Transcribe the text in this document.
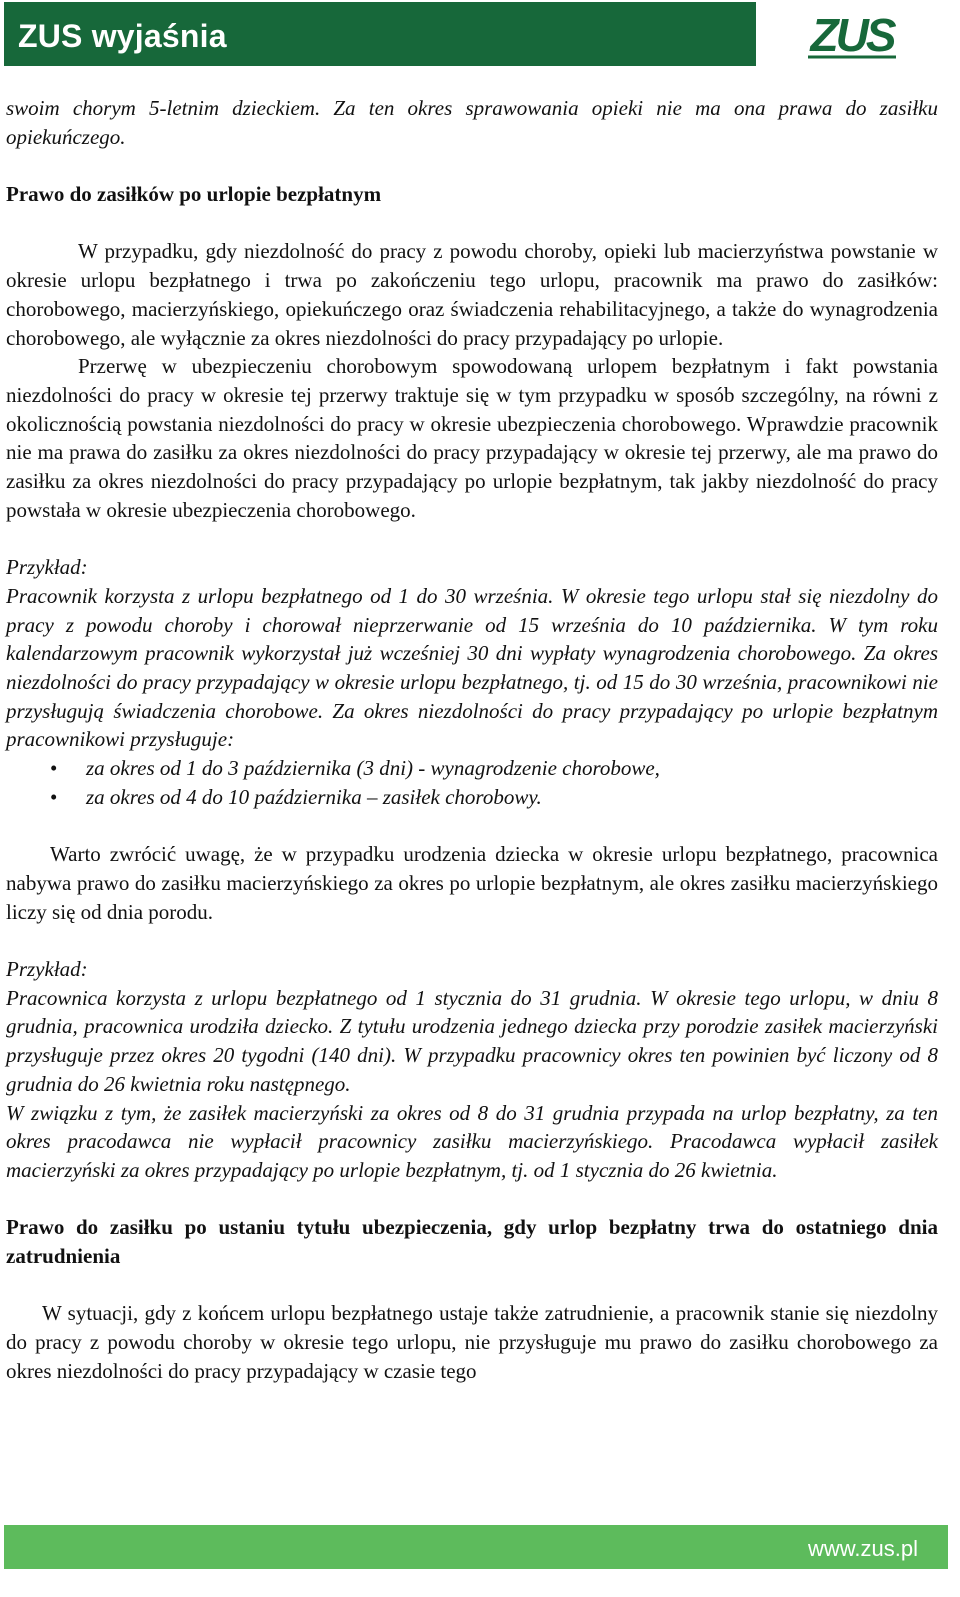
ZUS wyjaśnia	ZUS

swoim chorym 5-letnim dzieckiem. Za ten okres sprawowania opieki nie ma ona prawa do zasiłku opiekuńczego.

Prawo do zasiłków po urlopie bezpłatnym

W przypadku, gdy niezdolność do pracy z powodu choroby, opieki lub macierzyństwa powstanie w okresie urlopu bezpłatnego i trwa po zakończeniu tego urlopu, pracownik ma prawo do zasiłków: chorobowego, macierzyńskiego, opiekuńczego oraz świadczenia rehabilitacyjnego, a także do wynagrodzenia chorobowego, ale wyłącznie za okres niezdolności do pracy przypadający po urlopie.

Przerwę w ubezpieczeniu chorobowym spowodowaną urlopem bezpłatnym i fakt powstania niezdolności do pracy w okresie tej przerwy traktuje się w tym przypadku w sposób szczególny, na równi z okolicznością powstania niezdolności do pracy w okresie ubezpieczenia chorobowego. Wprawdzie pracownik nie ma prawa do zasiłku za okres niezdolności do pracy przypadający w okresie tej przerwy, ale ma prawo do zasiłku za okres niezdolności do pracy przypadający po urlopie bezpłatnym, tak jakby niezdolność do pracy powstała w okresie ubezpieczenia chorobowego.

Przykład:

Pracownik korzysta z urlopu bezpłatnego od 1 do 30 września. W okresie tego urlopu stał się niezdolny do pracy z powodu choroby i chorował nieprzerwanie od 15 września do 10 października. W tym roku kalendarzowym pracownik wykorzystał już wcześniej 30 dni wypłaty wynagrodzenia chorobowego. Za okres niezdolności do pracy przypadający w okresie urlopu bezpłatnego, tj. od 15 do 30 września, pracownikowi nie przysługują świadczenia chorobowe. Za okres niezdolności do pracy przypadający po urlopie bezpłatnym pracownikowi przysługuje:

• za okres od 1 do 3 października (3 dni) - wynagrodzenie chorobowe,
• za okres od 4 do 10 października – zasiłek chorobowy.

Warto zwrócić uwagę, że w przypadku urodzenia dziecka w okresie urlopu bezpłatnego, pracownica nabywa prawo do zasiłku macierzyńskiego za okres po urlopie bezpłatnym, ale okres zasiłku macierzyńskiego liczy się od dnia porodu.

Przykład:

Pracownica korzysta z urlopu bezpłatnego od 1 stycznia do 31 grudnia. W okresie tego urlopu, w dniu 8 grudnia, pracownica urodziła dziecko. Z tytułu urodzenia jednego dziecka przy porodzie zasiłek macierzyński przysługuje przez okres 20 tygodni (140 dni). W przypadku pracownicy okres ten powinien być liczony od 8 grudnia do 26 kwietnia roku następnego.

W związku z tym, że zasiłek macierzyński za okres od 8 do 31 grudnia przypada na urlop bezpłatny, za ten okres pracodawca nie wypłacił pracownicy zasiłku macierzyńskiego. Pracodawca wypłacił zasiłek macierzyński za okres przypadający po urlopie bezpłatnym, tj. od 1 stycznia do 26 kwietnia.

Prawo do zasiłku po ustaniu tytułu ubezpieczenia, gdy urlop bezpłatny trwa do ostatniego dnia zatrudnienia

W sytuacji, gdy z końcem urlopu bezpłatnego ustaje także zatrudnienie, a pracownik stanie się niezdolny do pracy z powodu choroby w okresie tego urlopu, nie przysługuje mu prawo do zasiłku chorobowego za okres niezdolności do pracy przypadający w czasie tego

www.zus.pl
